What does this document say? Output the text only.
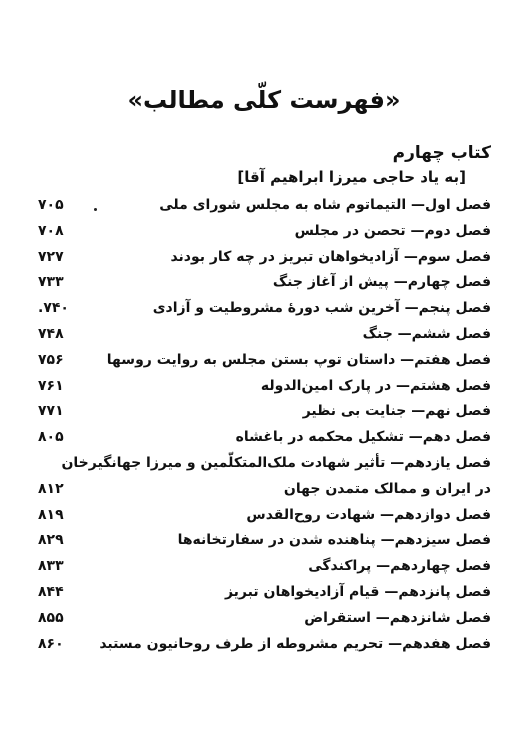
«فهرست کلّی مطالب»
کتاب چهارم
[به یاد حاجی میرزا ابراهیم آقا]
فصل اول— التیماتوم شاه به مجلس شورای ملی
۷۰۵
فصل دوم— تحصن در مجلس
۷۰۸
فصل سوم— آزادیخواهان تبریز در چه کار بودند
۷۲۷
فصل چهارم— پیش از آغاز جنگ
۷۳۳
فصل پنجم— آخرین شب دورهٔ مشروطیت و آزادی
۷۴۰.
فصل ششم— جنگ
۷۴۸
فصل هفتم— داستان توپ بستن مجلس به روایت روسها
۷۵۶
فصل هشتم— در پارک امین‌الدوله
۷۶۱
فصل نهم— جنایت بی نظیر
۷۷۱
فصل دهم— تشکیل محکمه در باغشاه
۸۰۵
فصل یازدهم— تأثیر شهادت ملک‌المتکلّمین و میرزا جهانگیرخان
در ایران و ممالک متمدن جهان
۸۱۲
فصل دوازدهم— شهادت روح‌القدس
۸۱۹
فصل سیزدهم— پناهنده شدن در سفارتخانه‌ها
۸۲۹
فصل چهاردهم— پراکندگی
۸۳۳
فصل پانزدهم— قیام آزادیخواهان تبریز
۸۴۴
فصل شانزدهم— استقراض
۸۵۵
فصل هفدهم— تحریم مشروطه از طرف روحانیون مستبد
۸۶۰
